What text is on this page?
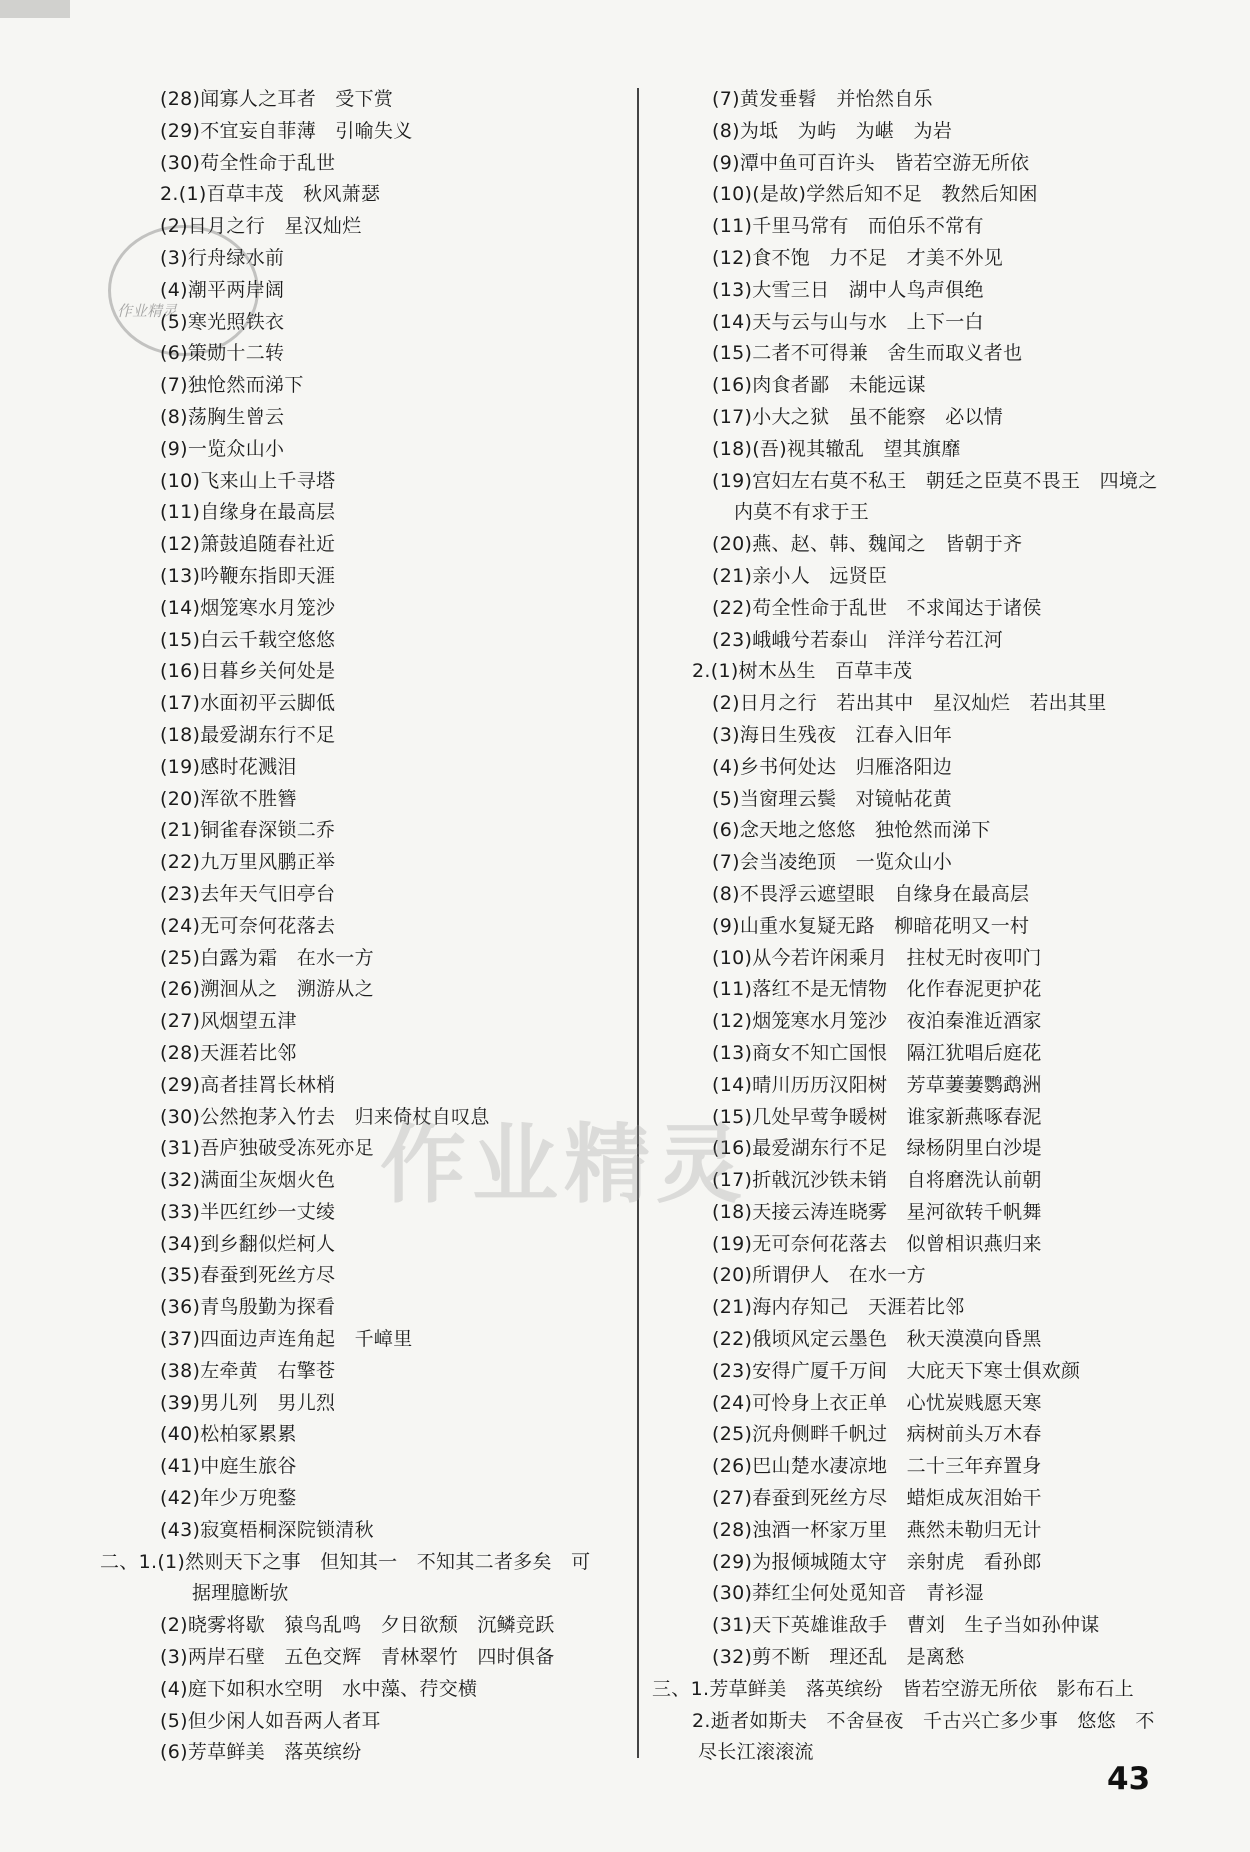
作业精灵
(28)闻寡人之耳者　受下赏
(29)不宜妄自菲薄　引喻失义
(30)苟全性命于乱世
2.(1)百草丰茂　秋风萧瑟
(2)日月之行　星汉灿烂
(3)行舟绿水前
(4)潮平两岸阔
(5)寒光照铁衣
(6)策勋十二转
(7)独怆然而涕下
(8)荡胸生曾云
(9)一览众山小
(10)飞来山上千寻塔
(11)自缘身在最高层
(12)箫鼓追随春社近
(13)吟鞭东指即天涯
(14)烟笼寒水月笼沙
(15)白云千载空悠悠
(16)日暮乡关何处是
(17)水面初平云脚低
(18)最爱湖东行不足
(19)感时花溅泪
(20)浑欲不胜簪
(21)铜雀春深锁二乔
(22)九万里风鹏正举
(23)去年天气旧亭台
(24)无可奈何花落去
(25)白露为霜　在水一方
(26)溯洄从之　溯游从之
(27)风烟望五津
(28)天涯若比邻
(29)高者挂罥长林梢
(30)公然抱茅入竹去　归来倚杖自叹息
(31)吾庐独破受冻死亦足
(32)满面尘灰烟火色
(33)半匹红纱一丈绫
(34)到乡翻似烂柯人
(35)春蚕到死丝方尽
(36)青鸟殷勤为探看
(37)四面边声连角起　千嶂里
(38)左牵黄　右擎苍
(39)男儿列　男儿烈
(40)松柏冢累累
(41)中庭生旅谷
(42)年少万兜鍪
(43)寂寞梧桐深院锁清秋
二、1.(1)然则天下之事　但知其一　不知其二者多矣　可
据理臆断欤
(2)晓雾将歇　猿鸟乱鸣　夕日欲颓　沉鳞竞跃
(3)两岸石壁　五色交辉　青林翠竹　四时俱备
(4)庭下如积水空明　水中藻、荇交横
(5)但少闲人如吾两人者耳
(6)芳草鲜美　落英缤纷
(7)黄发垂髫　并怡然自乐
(8)为坻　为屿　为嵁　为岩
(9)潭中鱼可百许头　皆若空游无所依
(10)(是故)学然后知不足　教然后知困
(11)千里马常有　而伯乐不常有
(12)食不饱　力不足　才美不外见
(13)大雪三日　湖中人鸟声俱绝
(14)天与云与山与水　上下一白
(15)二者不可得兼　舍生而取义者也
(16)肉食者鄙　未能远谋
(17)小大之狱　虽不能察　必以情
(18)(吾)视其辙乱　望其旗靡
(19)宫妇左右莫不私王　朝廷之臣莫不畏王　四境之
内莫不有求于王
(20)燕、赵、韩、魏闻之　皆朝于齐
(21)亲小人　远贤臣
(22)苟全性命于乱世　不求闻达于诸侯
(23)峨峨兮若泰山　洋洋兮若江河
2.(1)树木丛生　百草丰茂
(2)日月之行　若出其中　星汉灿烂　若出其里
(3)海日生残夜　江春入旧年
(4)乡书何处达　归雁洛阳边
(5)当窗理云鬓　对镜帖花黄
(6)念天地之悠悠　独怆然而涕下
(7)会当凌绝顶　一览众山小
(8)不畏浮云遮望眼　自缘身在最高层
(9)山重水复疑无路　柳暗花明又一村
(10)从今若许闲乘月　拄杖无时夜叩门
(11)落红不是无情物　化作春泥更护花
(12)烟笼寒水月笼沙　夜泊秦淮近酒家
(13)商女不知亡国恨　隔江犹唱后庭花
(14)晴川历历汉阳树　芳草萋萋鹦鹉洲
(15)几处早莺争暖树　谁家新燕啄春泥
(16)最爱湖东行不足　绿杨阴里白沙堤
(17)折戟沉沙铁未销　自将磨洗认前朝
(18)天接云涛连晓雾　星河欲转千帆舞
(19)无可奈何花落去　似曾相识燕归来
(20)所谓伊人　在水一方
(21)海内存知己　天涯若比邻
(22)俄顷风定云墨色　秋天漠漠向昏黑
(23)安得广厦千万间　大庇天下寒士俱欢颜
(24)可怜身上衣正单　心忧炭贱愿天寒
(25)沉舟侧畔千帆过　病树前头万木春
(26)巴山楚水凄凉地　二十三年弃置身
(27)春蚕到死丝方尽　蜡炬成灰泪始干
(28)浊酒一杯家万里　燕然未勒归无计
(29)为报倾城随太守　亲射虎　看孙郎
(30)莽红尘何处觅知音　青衫湿
(31)天下英雄谁敌手　曹刘　生子当如孙仲谋
(32)剪不断　理还乱　是离愁
三、1.芳草鲜美　落英缤纷　皆若空游无所依　影布石上
2.逝者如斯夫　不舍昼夜　千古兴亡多少事　悠悠　不
尽长江滚滚流
作业精灵
43
